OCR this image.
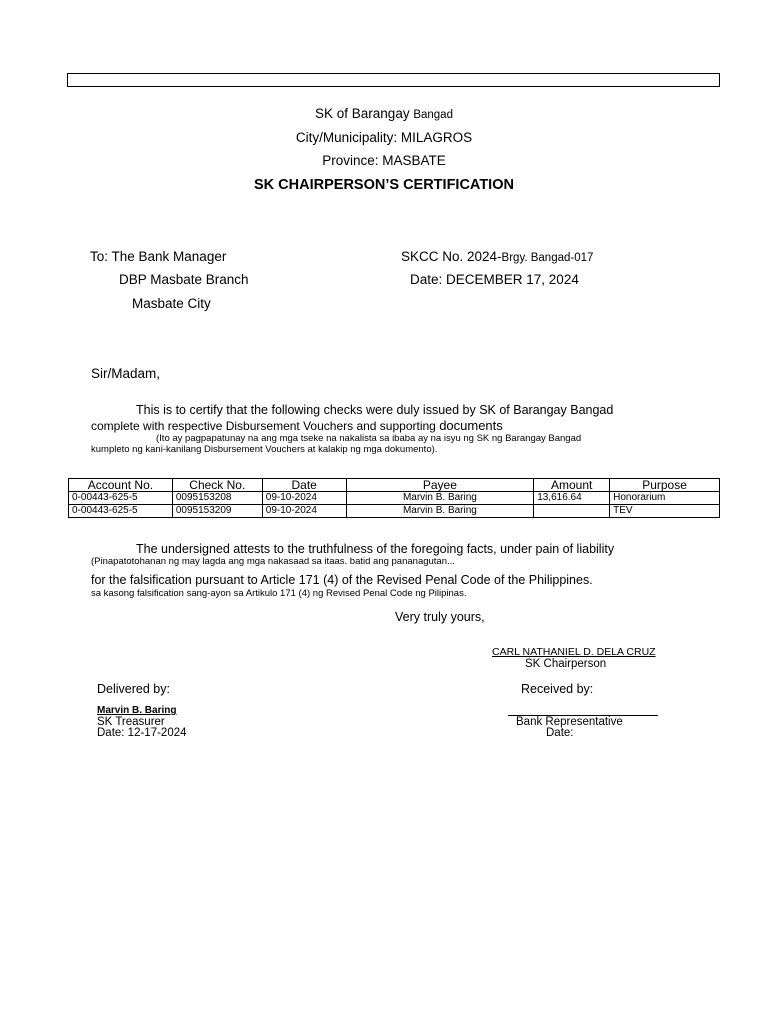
SK of Barangay Bangad
City/Municipality: MILAGROS
Province: MASBATE
SK CHAIRPERSON’S CERTIFICATION
To: The Bank Manager
DBP Masbate Branch
Masbate City
SKCC No. 2024-Brgy. Bangad-017
Date: DECEMBER 17, 2024
Sir/Madam,
This is to certify that the following checks were duly issued by SK of Barangay Bangad
complete with respective Disbursement Vouchers and supporting documents
(Ito ay pagpapatunay na ang mga tseke na nakalista sa ibaba ay na isyu ng SK ng Barangay Bangad
kumpleto ng kani-kanilang Disbursement Vouchers at kalakip ng mga dokumento).
Account No.	Check No.	Date	Payee	Amount	Purpose
0-00443-625-5	0095153208	09-10-2024	Marvin B. Baring	13,616.64	Honorarium
0-00443-625-5	0095153209	09-10-2024	Marvin B. Baring		TEV
The undersigned attests to the truthfulness of the foregoing facts, under pain of liability
(Pinapatotohanan ng may lagda ang mga nakasaad sa itaas. batid ang pananagutan...
for the falsification pursuant to Article 171 (4) of the Revised Penal Code of the Philippines.
sa kasong falsification sang-ayon sa Artikulo 171 (4) ng Revised Penal Code ng Pilipinas.
Very truly yours,
CARL NATHANIEL D. DELA CRUZ
SK Chairperson
Delivered by:
Marvin B. Baring
SK Treasurer
Date: 12-17-2024
Received by:
Bank Representative
Date:
